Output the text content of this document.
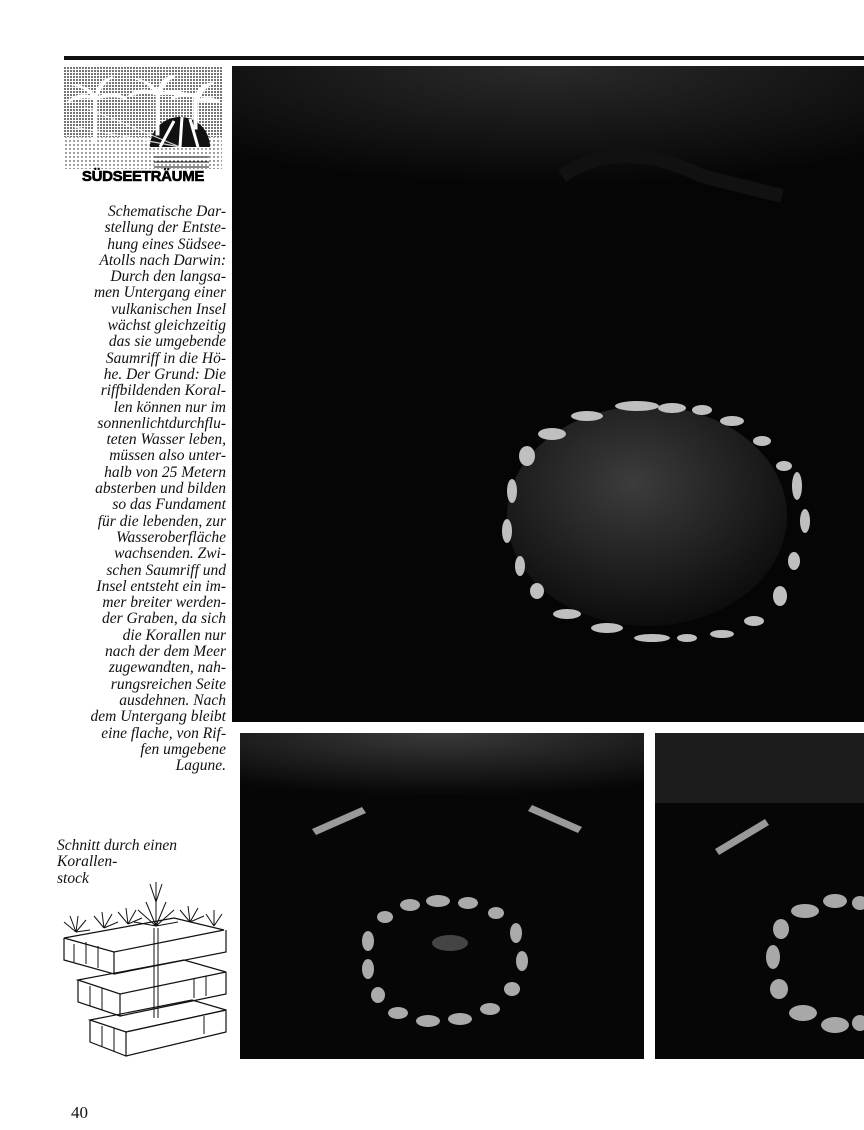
SÜDSEETRÄUME
Schematische Dar-
stellung der Entste-
hung eines Südsee-
Atolls nach Darwin:
Durch den langsa-
men Untergang einer
vulkanischen Insel
wächst gleichzeitig
das sie umgebende
Saumriff in die Hö-
he. Der Grund: Die
riffbildenden Koral-
len können nur im
sonnenlichtdurchflu-
teten Wasser leben,
müssen also unter-
halb von 25 Metern
absterben und bilden
so das Fundament
für die lebenden, zur
Wasseroberfläche
wachsenden. Zwi-
schen Saumriff und
Insel entsteht ein im-
mer breiter werden-
der Graben, da sich
die Korallen nur
nach der dem Meer
zugewandten, nah-
rungsreichen Seite
ausdehnen. Nach
dem Untergang bleibt
eine flache, von Rif-
fen umgebene
Lagune.
Schnitt durch einen
Korallen-
stock
40
